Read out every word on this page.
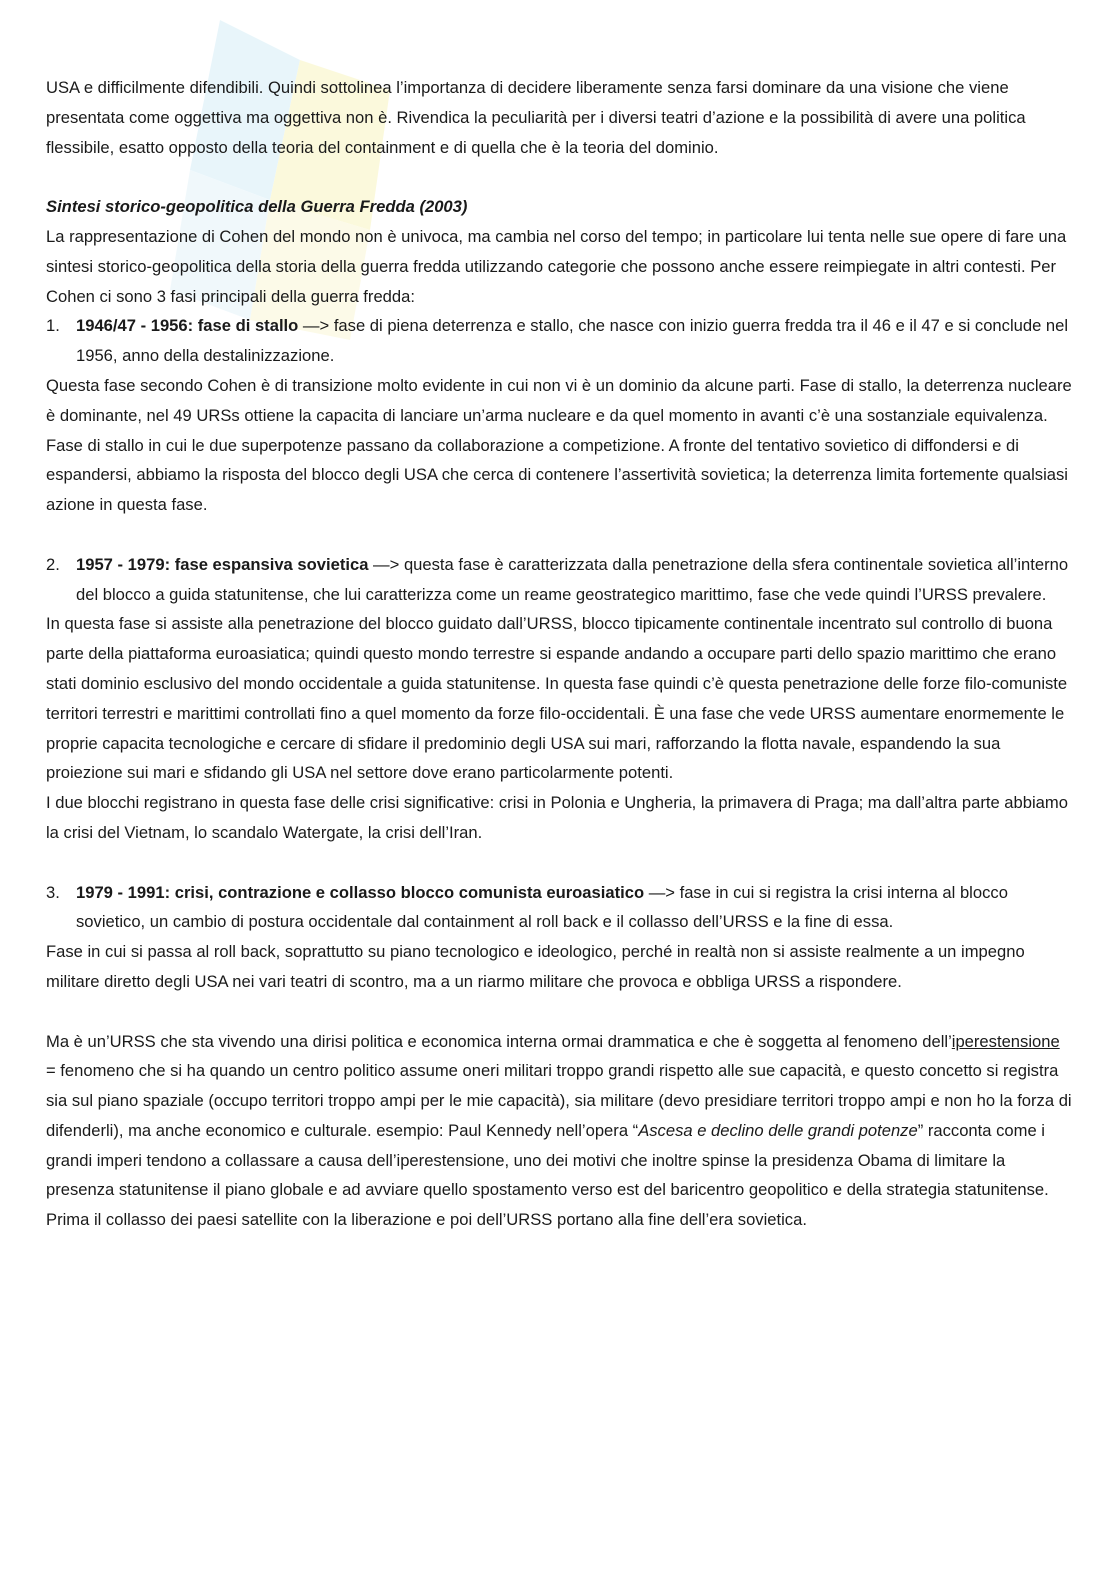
USA e difficilmente difendibili. Quindi sottolinea l’importanza di decidere liberamente senza farsi dominare da una visione che viene presentata come oggettiva ma oggettiva non è. Rivendica la peculiarità per i diversi teatri d’azione e la possibilità di avere una politica flessibile, esatto opposto della teoria del containment e di quella che è la teoria del dominio.

Sintesi storico-geopolitica della Guerra Fredda (2003)

La rappresentazione di Cohen del mondo non è univoca, ma cambia nel corso del tempo; in particolare lui tenta nelle sue opere di fare una sintesi storico-geopolitica della storia della guerra fredda utilizzando categorie che possono anche essere reimpiegate in altri contesti. Per Cohen ci sono 3 fasi principali della guerra fredda:

1. 1946/47 - 1956: fase di stallo —> fase di piena deterrenza e stallo, che nasce con inizio guerra fredda tra il 46 e il 47 e si conclude nel 1956, anno della destalinizzazione.

Questa fase secondo Cohen è di transizione molto evidente in cui non vi è un dominio da alcune parti. Fase di stallo, la deterrenza nucleare è dominante, nel 49 URSs ottiene la capacita di lanciare un’arma nucleare e da quel momento in avanti c’è una sostanziale equivalenza. Fase di stallo in cui le due superpotenze passano da collaborazione a competizione. A fronte del tentativo sovietico di diffondersi e di espandersi, abbiamo la risposta del blocco degli USA che cerca di contenere l’assertività sovietica; la deterrenza limita fortemente qualsiasi azione in questa fase.

2. 1957 - 1979: fase espansiva sovietica —> questa fase è caratterizzata dalla penetrazione della sfera continentale sovietica all’interno del blocco a guida statunitense, che lui caratterizza come un reame geostrategico marittimo, fase che vede quindi l’URSS prevalere.

In questa fase si assiste alla penetrazione del blocco guidato dall’URSS, blocco tipicamente continentale incentrato sul controllo di buona parte della piattaforma euroasiatica; quindi questo mondo terrestre si espande andando a occupare parti dello spazio marittimo che erano stati dominio esclusivo del mondo occidentale a guida statunitense. In questa fase quindi c’è questa penetrazione delle forze filo-comuniste territori terrestri e marittimi controllati fino a quel momento da forze filo-occidentali. È una fase che vede URSS aumentare enormemente le proprie capacita tecnologiche e cercare di sfidare il predominio degli USA sui mari, rafforzando la flotta navale, espandendo la sua proiezione sui mari e sfidando gli USA nel settore dove erano particolarmente potenti.

I due blocchi registrano in questa fase delle crisi significative: crisi in Polonia e Ungheria, la primavera di Praga; ma dall’altra parte abbiamo la crisi del Vietnam, lo scandalo Watergate, la crisi dell’Iran.

3. 1979 - 1991: crisi, contrazione e collasso blocco comunista euroasiatico —> fase in cui si registra la crisi interna al blocco sovietico, un cambio di postura occidentale dal containment al roll back e il collasso dell’URSS e la fine di essa.

Fase in cui si passa al roll back, soprattutto su piano tecnologico e ideologico, perché in realtà non si assiste realmente a un impegno militare diretto degli USA nei vari teatri di scontro, ma a un riarmo militare che provoca e obbliga URSS a rispondere.

Ma è un’URSS che sta vivendo una dirisi politica e economica interna ormai drammatica e che è soggetta al fenomeno dell’iperestensione = fenomeno che si ha quando un centro politico assume oneri militari troppo grandi rispetto alle sue capacità, e questo concetto si registra sia sul piano spaziale (occupo territori troppo ampi per le mie capacità), sia militare (devo presidiare territori troppo ampi e non ho la forza di difenderli), ma anche economico e culturale. esempio: Paul Kennedy nell’opera “Ascesa e declino delle grandi potenze” racconta come i grandi imperi tendono a collassare a causa dell’iperestensione, uno dei motivi che inoltre spinse la presidenza Obama di limitare la presenza statunitense il piano globale e ad avviare quello spostamento verso est del baricentro geopolitico e della strategia statunitense.

Prima il collasso dei paesi satellite con la liberazione e poi dell’URSS portano alla fine dell’era sovietica.
